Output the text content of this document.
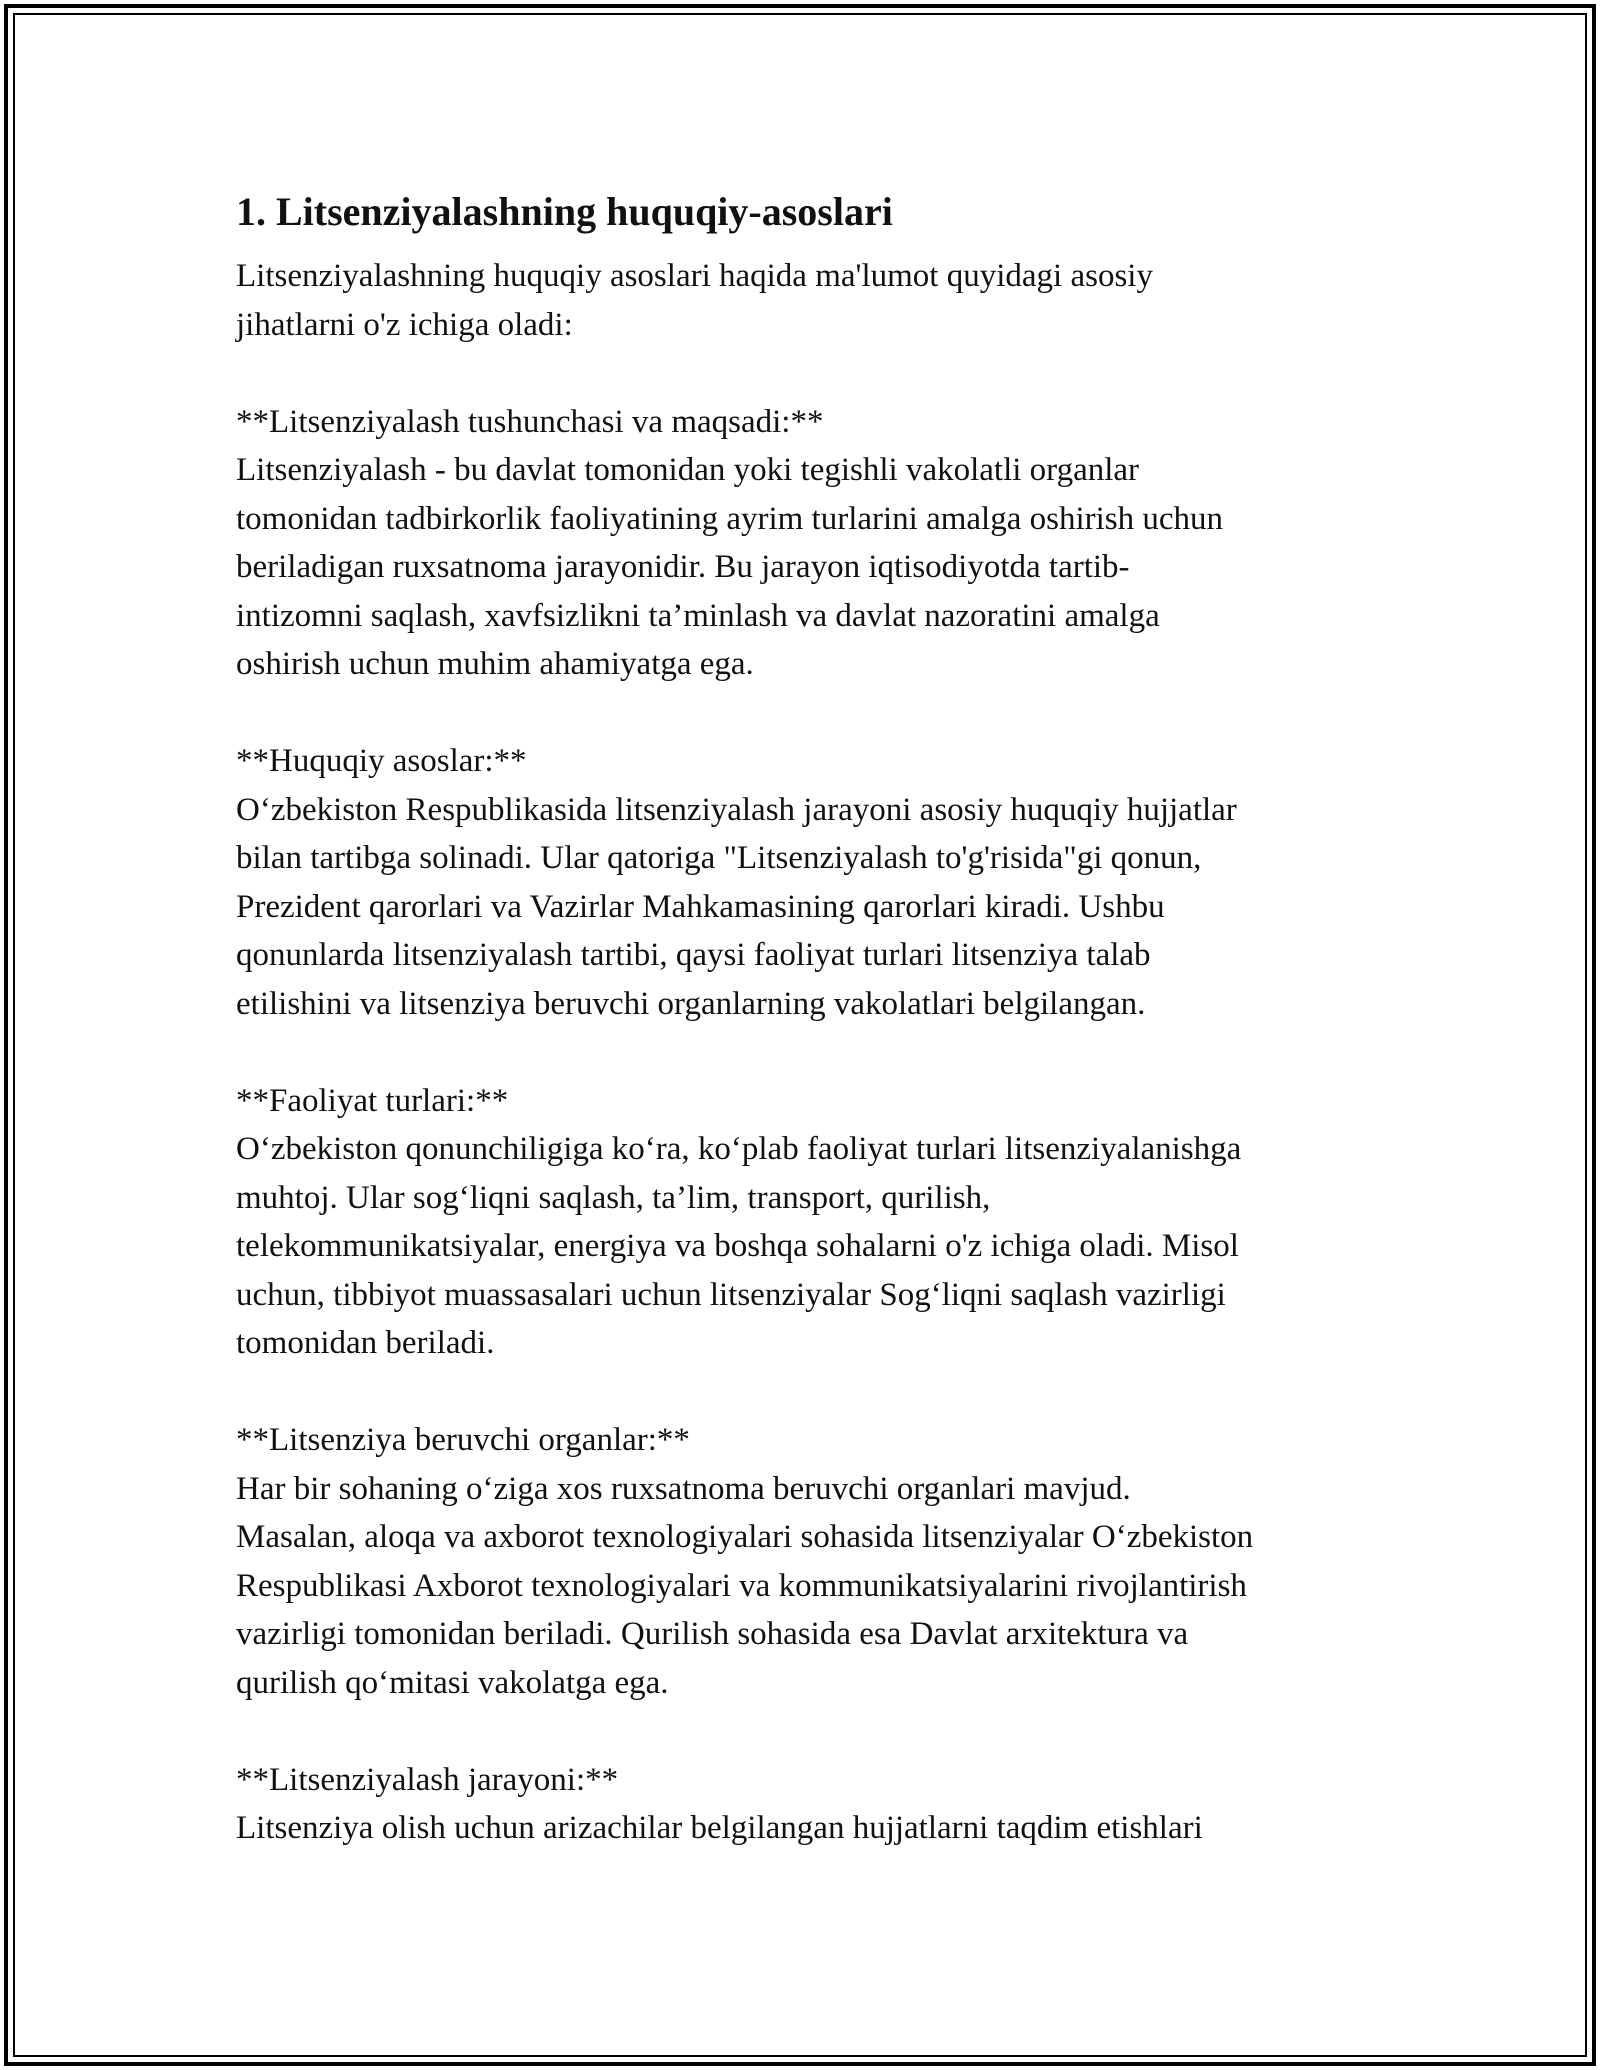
1. Litsenziyalashning huquqiy-asoslari

Litsenziyalashning huquqiy asoslari haqida ma'lumot quyidagi asosiy
jihatlarni o'z ichiga oladi:

**Litsenziyalash tushunchasi va maqsadi:**
Litsenziyalash - bu davlat tomonidan yoki tegishli vakolatli organlar
tomonidan tadbirkorlik faoliyatining ayrim turlarini amalga oshirish uchun
beriladigan ruxsatnoma jarayonidir. Bu jarayon iqtisodiyotda tartib-
intizomni saqlash, xavfsizlikni ta’minlash va davlat nazoratini amalga
oshirish uchun muhim ahamiyatga ega.
**Huquqiy asoslar:**
O‘zbekiston Respublikasida litsenziyalash jarayoni asosiy huquqiy hujjatlar
bilan tartibga solinadi. Ular qatoriga "Litsenziyalash to'g'risida"gi qonun,
Prezident qarorlari va Vazirlar Mahkamasining qarorlari kiradi. Ushbu
qonunlarda litsenziyalash tartibi, qaysi faoliyat turlari litsenziya talab
etilishini va litsenziya beruvchi organlarning vakolatlari belgilangan.
**Faoliyat turlari:**
O‘zbekiston qonunchiligiga ko‘ra, ko‘plab faoliyat turlari litsenziyalanishga
muhtoj. Ular sog‘liqni saqlash, ta’lim, transport, qurilish,
telekommunikatsiyalar, energiya va boshqa sohalarni o'z ichiga oladi. Misol
uchun, tibbiyot muassasalari uchun litsenziyalar Sog‘liqni saqlash vazirligi
tomonidan beriladi.
**Litsenziya beruvchi organlar:**
Har bir sohaning o‘ziga xos ruxsatnoma beruvchi organlari mavjud.
Masalan, aloqa va axborot texnologiyalari sohasida litsenziyalar O‘zbekiston
Respublikasi Axborot texnologiyalari va kommunikatsiyalarini rivojlantirish
vazirligi tomonidan beriladi. Qurilish sohasida esa Davlat arxitektura va
qurilish qo‘mitasi vakolatga ega.
**Litsenziyalash jarayoni:**
Litsenziya olish uchun arizachilar belgilangan hujjatlarni taqdim etishlari
